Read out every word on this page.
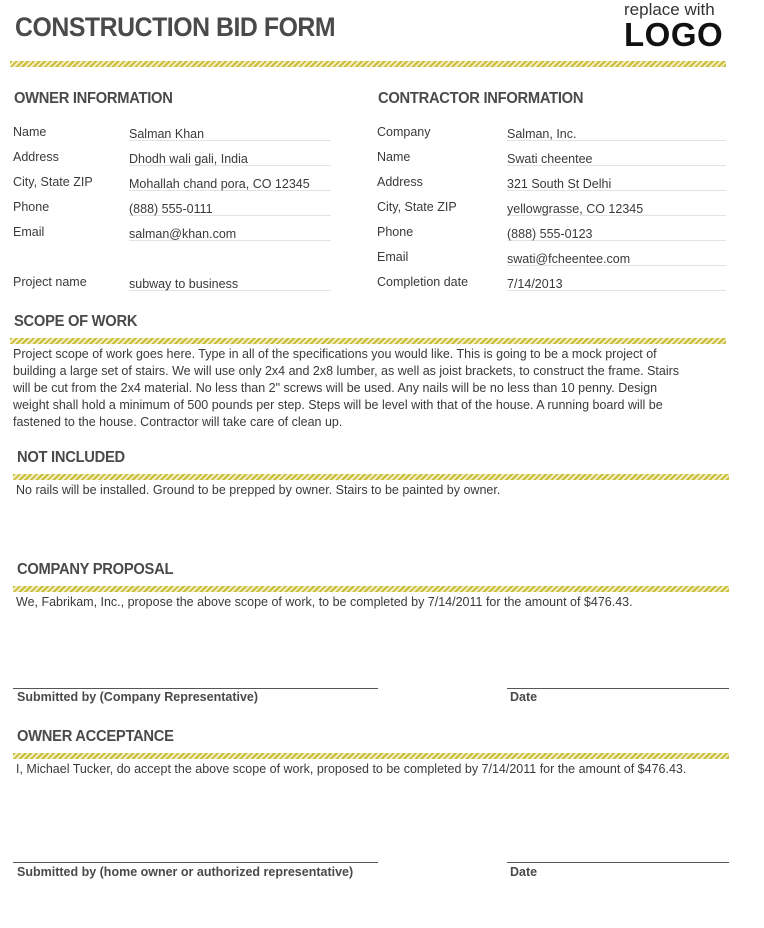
CONSTRUCTION BID FORM
replace with
LOGO
OWNER INFORMATION
Name	Salman Khan
Address	Dhodh wali gali, India
City, State ZIP	Mohallah chand pora, CO 12345
Phone	(888) 555-0111
Email	salman@khan.com
Project name	subway to business
CONTRACTOR INFORMATION
Company	Salman, Inc.
Name	Swati cheentee
Address	321 South St Delhi
City, State ZIP	yellowgrasse, CO 12345
Phone	(888) 555-0123
Email	swati@fcheentee.com
Completion date	7/14/2013
SCOPE OF WORK
Project scope of work goes here. Type in all of the specifications you would like. This is going to be a mock project of
building a large set of stairs. We will use only 2x4 and 2x8 lumber, as well as joist brackets, to construct the frame. Stairs
will be cut from the 2x4 material. No less than 2" screws will be used. Any nails will be no less than 10 penny. Design
weight shall hold a minimum of 500 pounds per step. Steps will be level with that of the house. A running board will be
fastened to the house. Contractor will take care of clean up.
NOT INCLUDED
No rails will be installed. Ground to be prepped by owner. Stairs to be painted by owner.
COMPANY PROPOSAL
We, Fabrikam, Inc., propose the above scope of work, to be completed by 7/14/2011 for the amount of $476.43.
Submitted by (Company Representative)	Date
OWNER ACCEPTANCE
I, Michael Tucker, do accept the above scope of work, proposed to be completed by 7/14/2011 for the amount of $476.43.
Submitted by (home owner or authorized representative)	Date
